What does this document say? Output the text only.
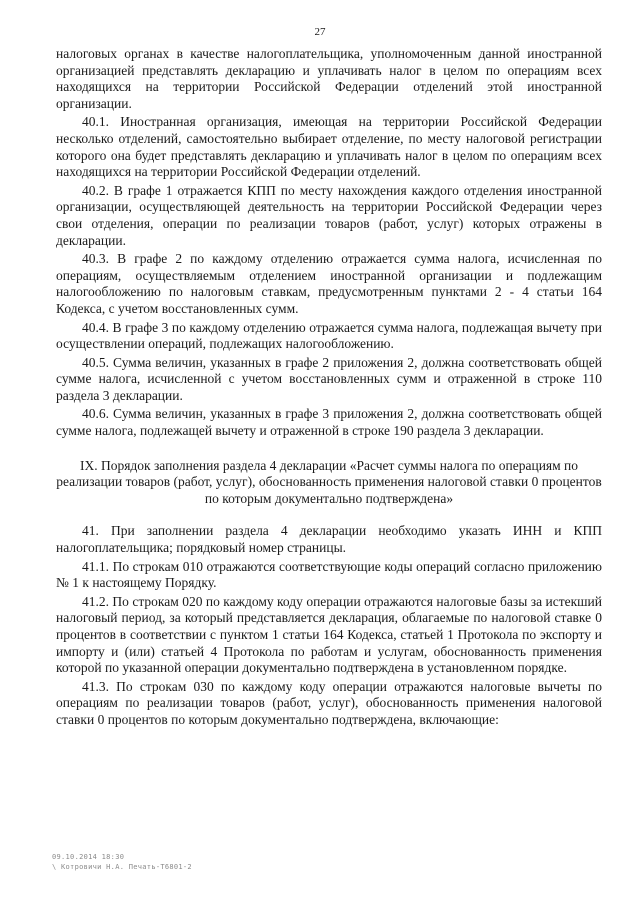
27

налоговых органах в качестве налогоплательщика, уполномоченным данной иностранной организацией представлять декларацию и уплачивать налог в целом по операциям всех находящихся на территории Российской Федерации отделений этой иностранной организации.

40.1. Иностранная организация, имеющая на территории Российской Федерации несколько отделений, самостоятельно выбирает отделение, по месту налоговой регистрации которого она будет представлять декларацию и уплачивать налог в целом по операциям всех находящихся на территории Российской Федерации отделений.

40.2. В графе 1 отражается КПП по месту нахождения каждого отделения иностранной организации, осуществляющей деятельность на территории Российской Федерации через свои отделения, операции по реализации товаров (работ, услуг) которых отражены в декларации.

40.3. В графе 2 по каждому отделению отражается сумма налога, исчисленная по операциям, осуществляемым отделением иностранной организации и подлежащим налогообложению по налоговым ставкам, предусмотренным пунктами 2 - 4 статьи 164 Кодекса, с учетом восстановленных сумм.

40.4. В графе 3 по каждому отделению отражается сумма налога, подлежащая вычету при осуществлении операций, подлежащих налогообложению.

40.5. Сумма величин, указанных в графе 2 приложения 2, должна соответствовать общей сумме налога, исчисленной с учетом восстановленных сумм и отраженной в строке 110 раздела 3 декларации.

40.6. Сумма величин, указанных в графе 3 приложения 2, должна соответствовать общей сумме налога, подлежащей вычету и отраженной в строке 190 раздела 3 декларации.

IX. Порядок заполнения раздела 4 декларации «Расчет суммы налога по операциям по реализации товаров (работ, услуг), обоснованность применения налоговой ставки 0 процентов по которым документально подтверждена»

41. При заполнении раздела 4 декларации необходимо указать ИНН и КПП налогоплательщика; порядковый номер страницы.

41.1. По строкам 010 отражаются соответствующие коды операций согласно приложению № 1 к настоящему Порядку.

41.2. По строкам 020 по каждому коду операции отражаются налоговые базы за истекший налоговый период, за который представляется декларация, облагаемые по налоговой ставке 0 процентов в соответствии с пунктом 1 статьи 164 Кодекса, статьей 1 Протокола по экспорту и импорту и (или) статьей 4 Протокола по работам и услугам, обоснованность применения которой по указанной операции документально подтверждена в установленном порядке.

41.3. По строкам 030 по каждому коду операции отражаются налоговые вычеты по операциям по реализации товаров (работ, услуг), обоснованность применения налоговой ставки 0 процентов по которым документально подтверждена, включающие:

09.10.2014 18:30
\ Котровичи Н.А. Печать-Т6801-2
